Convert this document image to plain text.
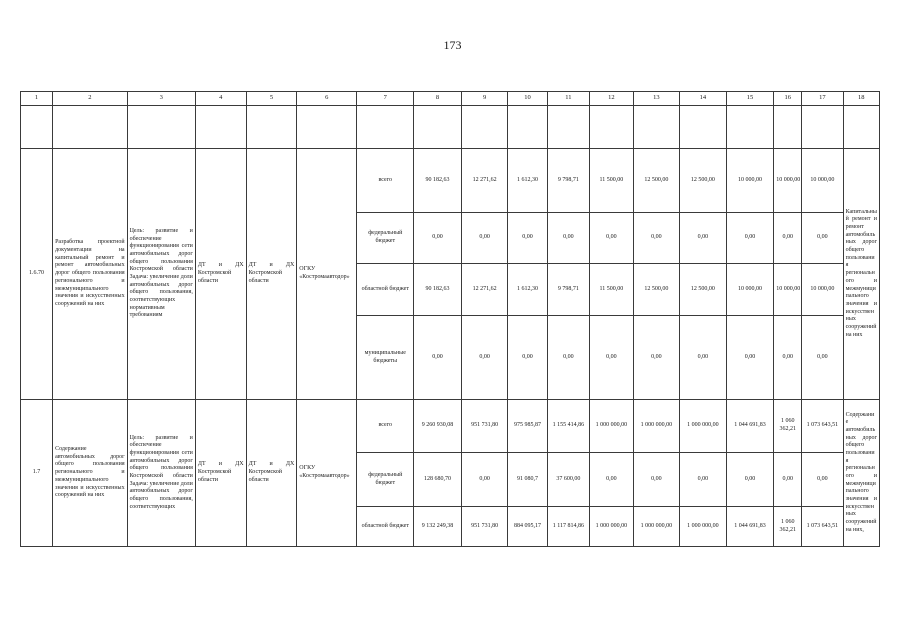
173
1	2	3	4	5	6	7	8	9	10	11	12	13	14	15	16	17	18

1.6.70	Разработка проектной документации на капитальный ремонт и ремонт автомобильных дорог общего пользования регионального и межмуниципального значения и искусственных сооружений на них	Цель: развитие и обеспечение функционирования сети автомобильных дорог общего пользования Костромской области Задача: увеличение доли автомобильных дорог общего пользования, соответствующих нормативным требованиям	ДТ и ДХ Костромской области	ДТ и ДХ Костромской области	ОГКУ «Костромаавтодор»	всего	90 182,63	12 271,62	1 612,30	9 798,71	11 500,00	12 500,00	12 500,00	10 000,00	10 000,00	10 000,00	Капитальный ремонт и ремонт автомобильных дорог общего пользования регионального и межмуниципального значения и искусственных сооружений на них
						федеральный бюджет	0,00	0,00	0,00	0,00	0,00	0,00	0,00	0,00	0,00	0,00	
						областной бюджет	90 182,63	12 271,62	1 612,30	9 798,71	11 500,00	12 500,00	12 500,00	10 000,00	10 000,00	10 000,00	
						муниципальные бюджеты	0,00	0,00	0,00	0,00	0,00	0,00	0,00	0,00	0,00	0,00	
1.7	Содержание автомобильных дорог общего пользования регионального и межмуниципального значения и искусственных сооружений на них	Цель: развитие и обеспечение функционирования сети автомобильных дорог общего пользования Костромской области Задача: увеличение доли автомобильных дорог общего пользования, соответствующих	ДТ и ДХ Костромской области	ДТ и ДХ Костромской области	ОГКУ «Костромаавтодор»	всего	9 260 930,08	951 731,80	975 985,87	1 155 414,86	1 000 000,00	1 000 000,00	1 000 000,00	1 044 691,83	1 060 362,21	1 073 643,51	Содержание автомобильных дорог общего пользования регионального и межмуниципального значения и искусственных сооружений на них,
						федеральный бюджет	128 680,70	0,00	91 080,7	37 600,00	0,00	0,00	0,00	0,00	0,00	0,00	
						областной бюджет	9 132 249,38	951 731,80	884 095,17	1 117 814,86	1 000 000,00	1 000 000,00	1 000 000,00	1 044 691,83	1 060 362,21	1 073 643,51	
